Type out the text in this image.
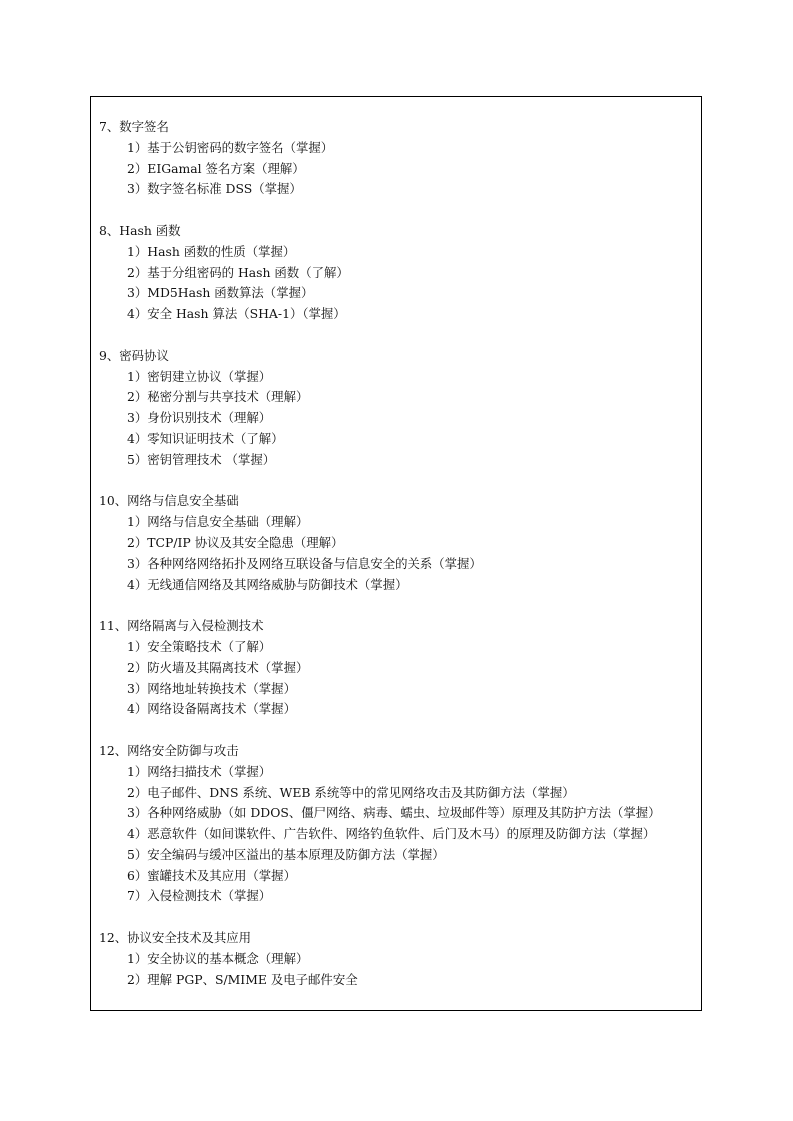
7、数字签名
1）基于公钥密码的数字签名（掌握）
2）EIGamal 签名方案（理解）
3）数字签名标准 DSS（掌握）
8、Hash 函数
1）Hash 函数的性质（掌握）
2）基于分组密码的 Hash 函数（了解）
3）MD5Hash 函数算法（掌握）
4）安全 Hash 算法（SHA-1）（掌握）
9、密码协议
1）密钥建立协议（掌握）
2）秘密分割与共享技术（理解）
3）身份识别技术（理解）
4）零知识证明技术（了解）
5）密钥管理技术 （掌握）
10、网络与信息安全基础
1）网络与信息安全基础（理解）
2）TCP/IP 协议及其安全隐患（理解）
3）各种网络网络拓扑及网络互联设备与信息安全的关系（掌握）
4）无线通信网络及其网络威胁与防御技术（掌握）
11、网络隔离与入侵检测技术
1）安全策略技术（了解）
2）防火墙及其隔离技术（掌握）
3）网络地址转换技术（掌握）
4）网络设备隔离技术（掌握）
12、网络安全防御与攻击
1）网络扫描技术（掌握）
2）电子邮件、DNS 系统、WEB 系统等中的常见网络攻击及其防御方法（掌握）
3）各种网络威胁（如 DDOS、僵尸网络、病毒、蠕虫、垃圾邮件等）原理及其防护方法（掌握）
4）恶意软件（如间谍软件、广告软件、网络钓鱼软件、后门及木马）的原理及防御方法（掌握）
5）安全编码与缓冲区溢出的基本原理及防御方法（掌握）
6）蜜罐技术及其应用（掌握）
7）入侵检测技术（掌握）
12、协议安全技术及其应用
1）安全协议的基本概念（理解）
2）理解 PGP、S/MIME 及电子邮件安全
